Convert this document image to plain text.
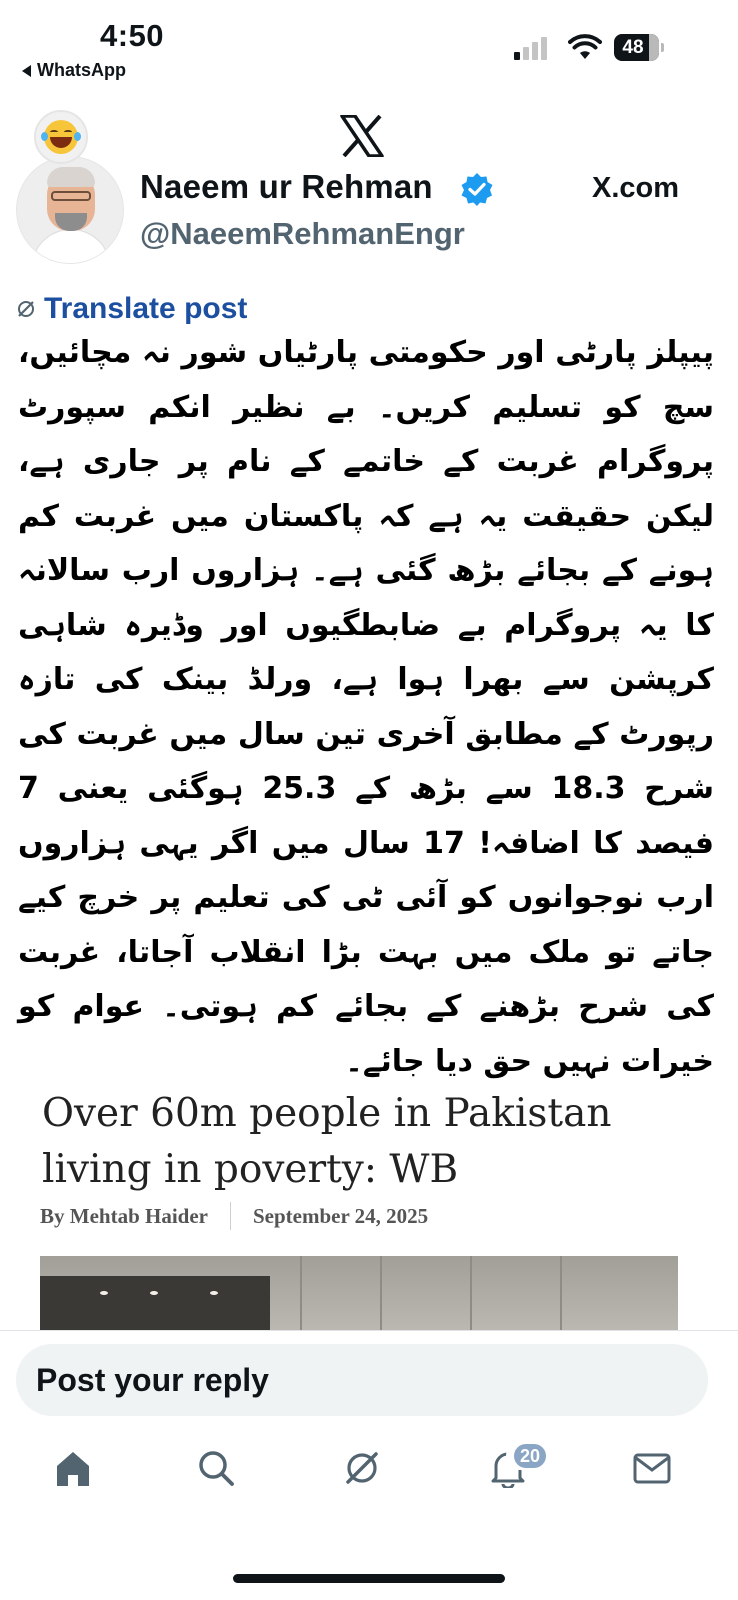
4:50
WhatsApp
48
Naeem ur Rehman
@NaeemRehmanEngr
X.com
Translate post

پیپلز پارٹی اور حکومتی پارٹیاں شور نہ مچائیں، سچ کو تسلیم کریں۔ بے نظیر انکم سپورٹ پروگرام غربت کے خاتمے کے نام پر جاری ہے، لیکن حقیقت یہ ہے کہ پاکستان میں غربت کم ہونے کے بجائے بڑھ گئی ہے۔ ہزاروں ارب سالانہ کا یہ پروگرام بے ضابطگیوں اور وڈیرہ شاہی کرپشن سے بھرا ہوا ہے، ورلڈ بینک کی تازہ رپورٹ کے مطابق آخری تین سال میں غربت کی شرح 18.3 سے بڑھ کے 25.3 ہوگئی یعنی 7 فیصد کا اضافہ! 17 سال میں اگر یہی ہزاروں ارب نوجوانوں کو آئی ٹی کی تعلیم پر خرچ کیے جاتے تو ملک میں بہت بڑا انقلاب آجاتا، غربت کی شرح بڑھنے کے بجائے کم ہوتی۔ عوام کو خیرات نہیں حق دیا جائے۔

Over 60m people in Pakistan living in poverty: WB
By Mehtab Haider September 24, 2025
Post your reply
20
